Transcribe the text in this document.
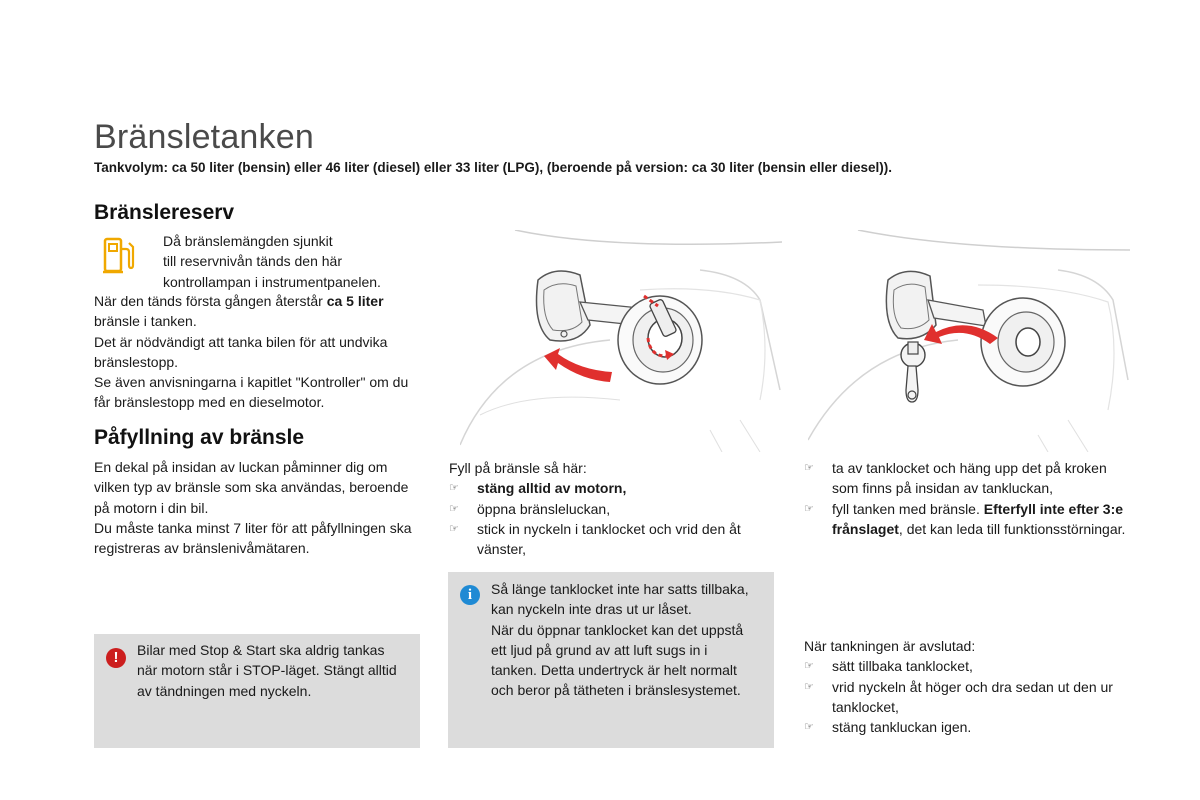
Bränsletanken
Tankvolym: ca 50 liter (bensin) eller 46 liter (diesel) eller 33 liter (LPG), (beroende på version: ca 30 liter (bensin eller diesel)).
Bränslereserv

Då bränslemängden sjunkit

till reservnivån tänds den här

kontrollampan i instrumentpanelen.

När den tänds första gången återstår ca 5 liter bränsle i tanken.

Det är nödvändigt att tanka bilen för att undvika bränslestopp.

Se även anvisningarna i kapitlet "Kontroller" om du får bränslestopp med en dieselmotor.

Påfyllning av bränsle

En dekal på insidan av luckan påminner dig om vilken typ av bränsle som ska användas, beroende på motorn i din bil.

Du måste tanka minst 7 liter för att påfyllningen ska registreras av bränslenivåmätaren.

!	Bilar med Stop & Start ska aldrig tankas när motorn står i STOP-läget. Stängt alltid av tändningen med nyckeln.

Fyll på bränsle så här:

☞	stäng alltid av motorn,
☞	öppna bränsleluckan,
☞	stick in nyckeln i tanklocket och vrid den åt vänster,
i	Så länge tanklocket inte har satts tillbaka, kan nyckeln inte dras ut ur låset.

När du öppnar tanklocket kan det uppstå ett ljud på grund av att luft sugs in i tanken. Detta undertryck är helt normalt och beror på tätheten i bränslesystemet.

☞	ta av tanklocket och häng upp det på kroken som finns på insidan av tankluckan,
☞	fyll tanken med bränsle. Efterfyll inte efter 3:e frånslaget, det kan leda till funktionsstörningar.

När tankningen är avslutad:

☞	sätt tillbaka tanklocket,
☞	vrid nyckeln åt höger och dra sedan ut den ur tanklocket,
☞	stäng tankluckan igen.
